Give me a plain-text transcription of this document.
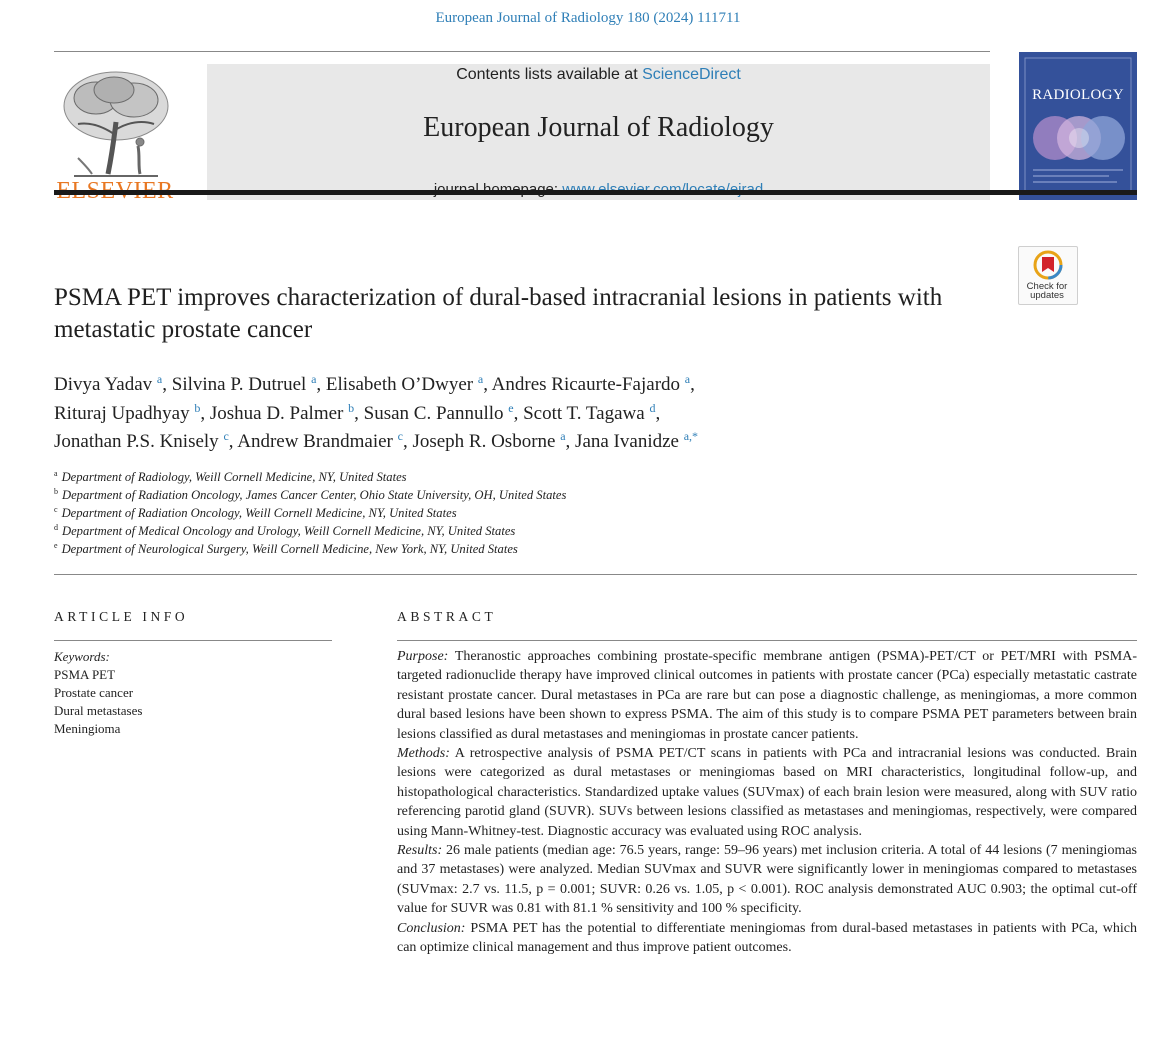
European Journal of Radiology 180 (2024) 111711
Contents lists available at ScienceDirect
European Journal of Radiology
RADIOLOGY
Check for
updates
PSMA PET improves characterization of dural-based intracranial lesions in patients with metastatic prostate cancer
Divya Yadav $^a$, Silvina P. Dutruel $^a$, Elisabeth O’Dwyer $^a$, Andres Ricaurte-Fajardo $^a$,
Rituraj Upadhyay $^b$, Joshua D. Palmer $^b$, Susan C. Pannullo $^e$, Scott T. Tagawa $^d$,
Jonathan P.S. Knisely $^c$, Andrew Brandmaier $^c$, Joseph R. Osborne $^a$, Jana Ivanidze $^{a,*}$
$^a$ Department of Radiology, Weill Cornell Medicine, NY, United States
$^b$ Department of Radiation Oncology, James Cancer Center, Ohio State University, OH, United States
$^c$ Department of Radiation Oncology, Weill Cornell Medicine, NY, United States
$^d$ Department of Medical Oncology and Urology, Weill Cornell Medicine, NY, United States
$^e$ Department of Neurological Surgery, Weill Cornell Medicine, New York, NY, United States
ARTICLE INFO
Keywords:
PSMA PET
Prostate cancer
Dural metastases
Meningioma
ABSTRACT

Purpose: Theranostic approaches combining prostate-specific membrane antigen (PSMA)-PET/CT or PET/MRI with PSMA-targeted radionuclide therapy have improved clinical outcomes in patients with prostate cancer (PCa) especially metastatic castrate resistant prostate cancer. Dural metastases in PCa are rare but can pose a diagnostic challenge, as meningiomas, a more common dural based lesions have been shown to express PSMA. The aim of this study is to compare PSMA PET parameters between brain lesions classified as dural metastases and meningiomas in prostate cancer patients.

Methods: A retrospective analysis of PSMA PET/CT scans in patients with PCa and intracranial lesions was conducted. Brain lesions were categorized as dural metastases or meningiomas based on MRI characteristics, longitudinal follow-up, and histopathological characteristics. Standardized uptake values (SUVmax) of each brain lesion were measured, along with SUV ratio referencing parotid gland (SUVR). SUVs between lesions classified as metastases and meningiomas, respectively, were compared using Mann-Whitney-test. Diagnostic accuracy was evaluated using ROC analysis.

Results: 26 male patients (median age: 76.5 years, range: 59–96 years) met inclusion criteria. A total of 44 lesions (7 meningiomas and 37 metastases) were analyzed. Median SUVmax and SUVR were significantly lower in meningiomas compared to metastases (SUVmax: 2.7 vs. 11.5, p = 0.001; SUVR: 0.26 vs. 1.05, p < 0.001). ROC analysis demonstrated AUC 0.903; the optimal cut-off value for SUVR was 0.81 with 81.1 % sensitivity and 100 % specificity.

Conclusion: PSMA PET has the potential to differentiate meningiomas from dural-based metastases in patients with PCa, which can optimize clinical management and thus improve patient outcomes.
